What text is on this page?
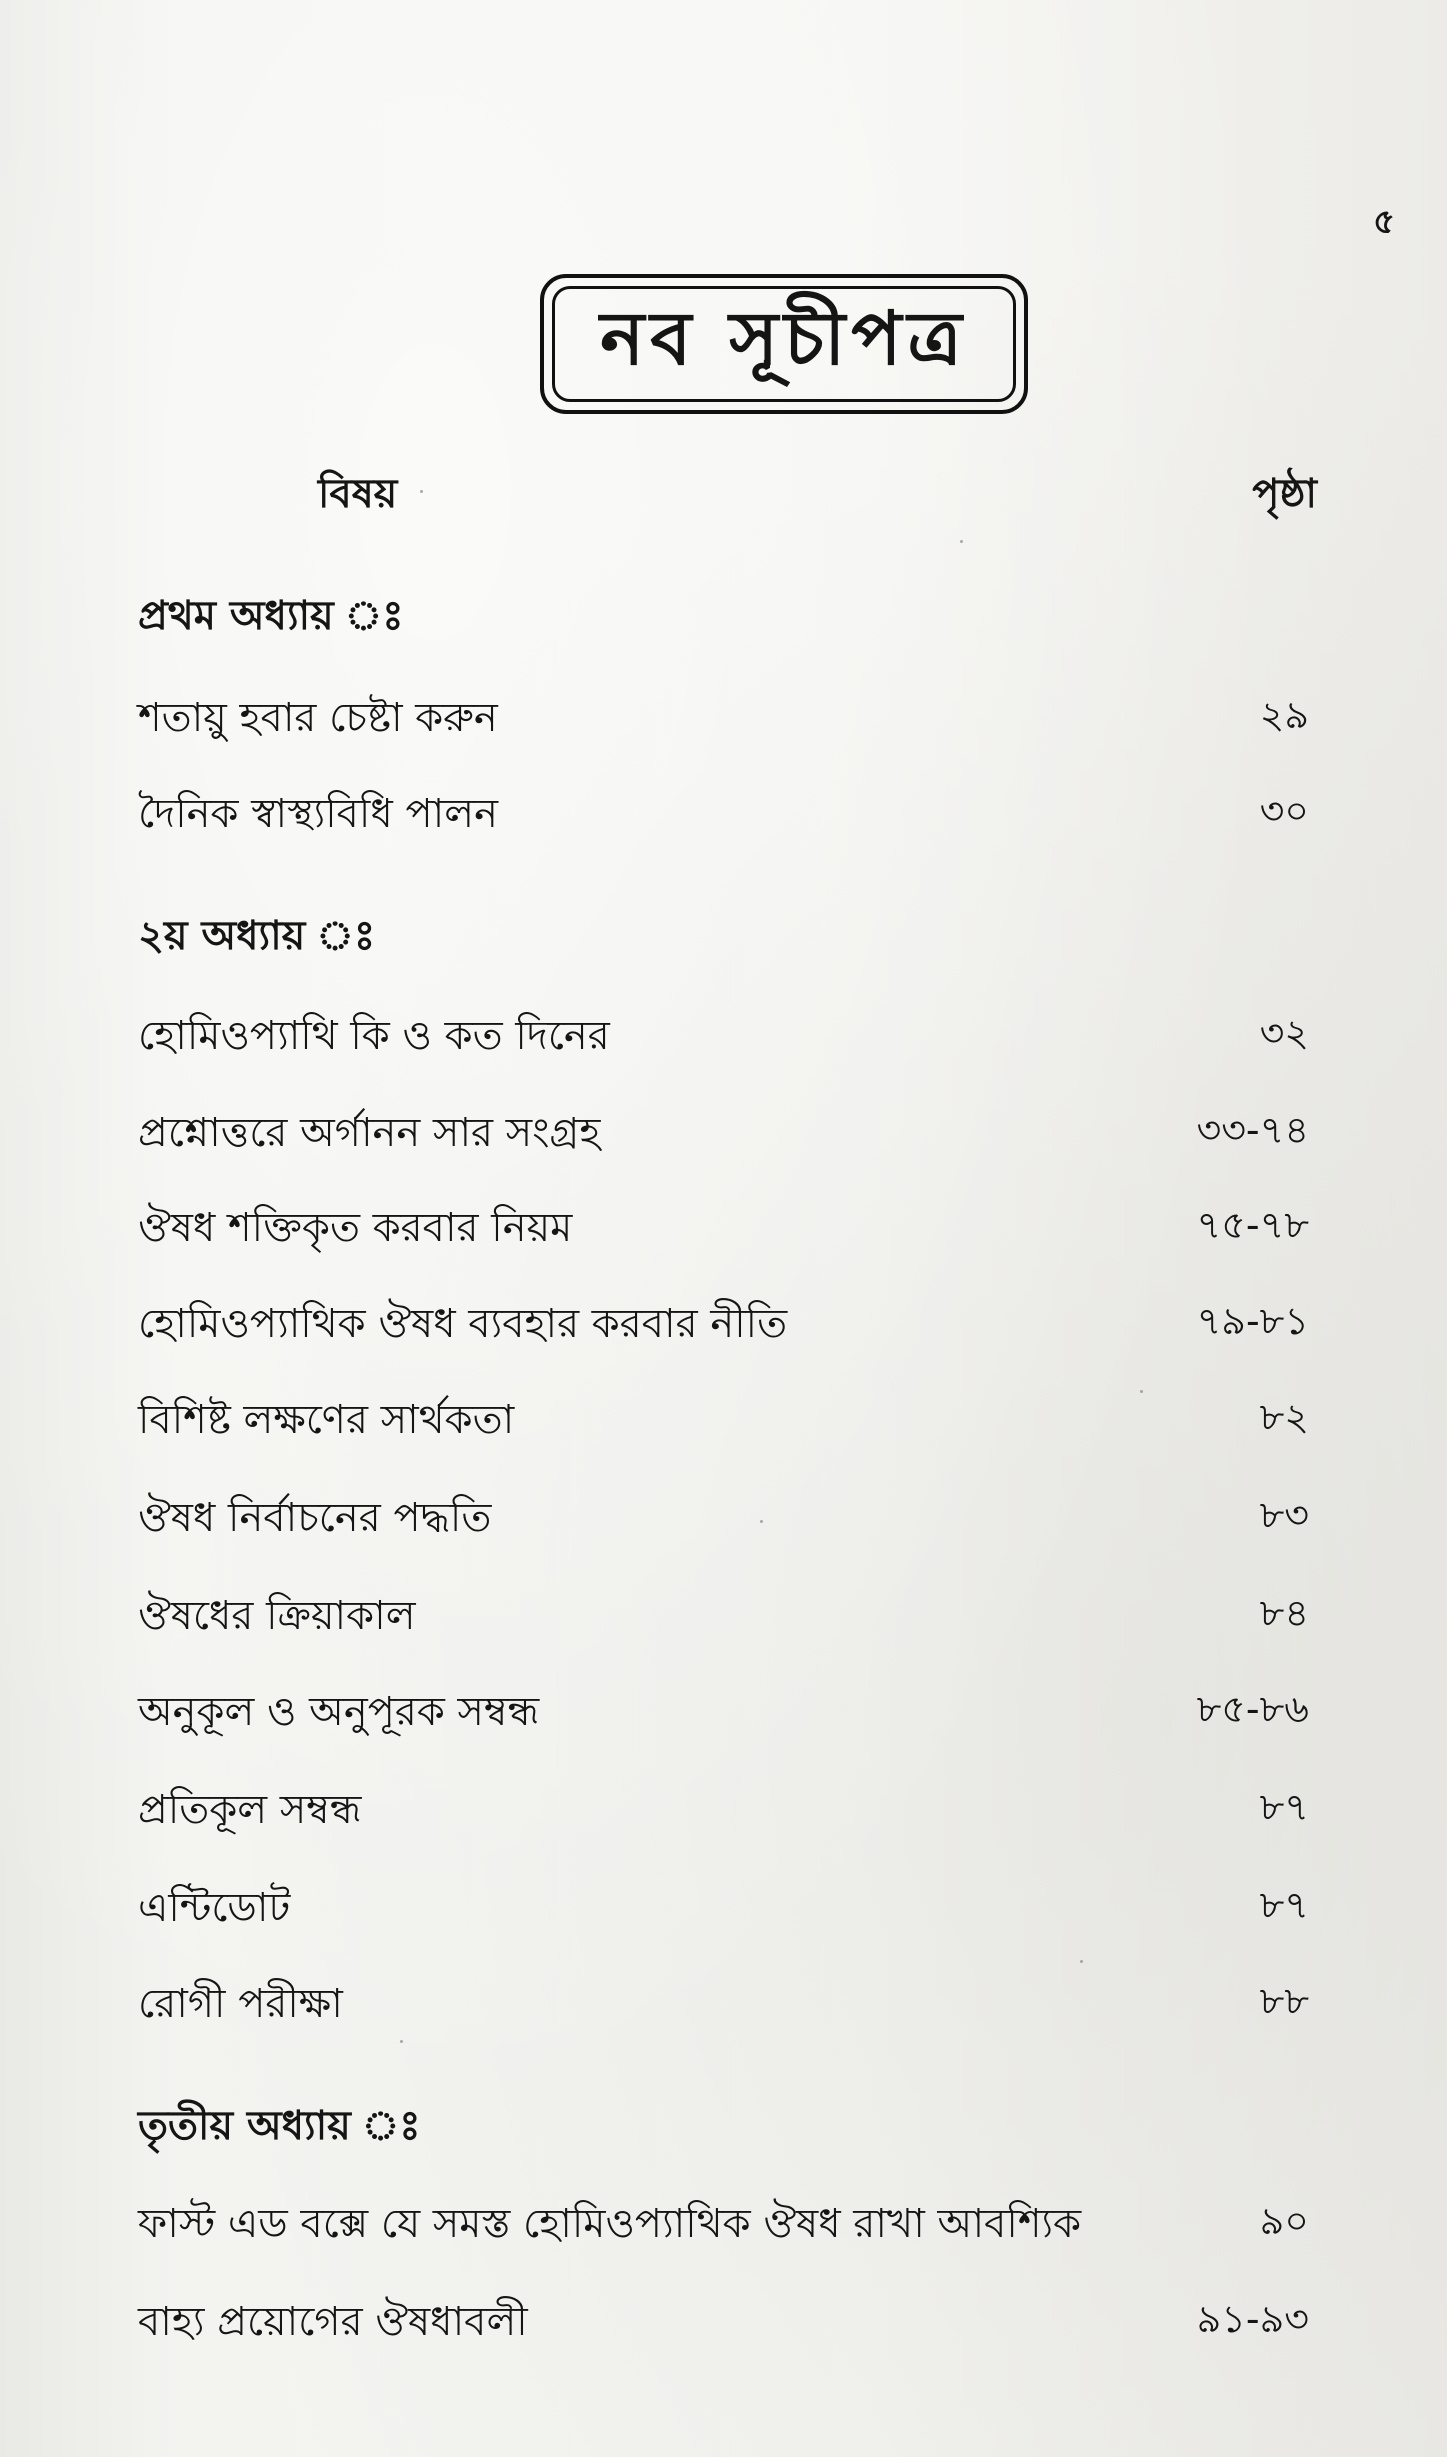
৫
নব সূচীপত্র
বিষয়	পৃষ্ঠা
প্রথম অধ্যায় ঃ
শতায়ু হবার চেষ্টা করুন	২৯
দৈনিক স্বাস্থ্যবিধি পালন	৩০
২য় অধ্যায় ঃ
হোমিওপ্যাথি কি ও কত দিনের	৩২
প্রশ্নোত্তরে অর্গানন সার সংগ্রহ	৩৩-৭৪
ঔষধ শক্তিকৃত করবার নিয়ম	৭৫-৭৮
হোমিওপ্যাথিক ঔষধ ব্যবহার করবার নীতি	৭৯-৮১
বিশিষ্ট লক্ষণের সার্থকতা	৮২
ঔষধ নির্বাচনের পদ্ধতি	৮৩
ঔষধের ক্রিয়াকাল	৮৪
অনুকূল ও অনুপূরক সম্বন্ধ	৮৫-৮৬
প্রতিকূল সম্বন্ধ	৮৭
এন্টিডোট	৮৭
রোগী পরীক্ষা	৮৮
তৃতীয় অধ্যায় ঃ
ফাস্ট এড বক্সে যে সমস্ত হোমিওপ্যাথিক ঔষধ রাখা আবশ্যিক	৯০
বাহ্য প্রয়োগের ঔষধাবলী	৯১-৯৩
